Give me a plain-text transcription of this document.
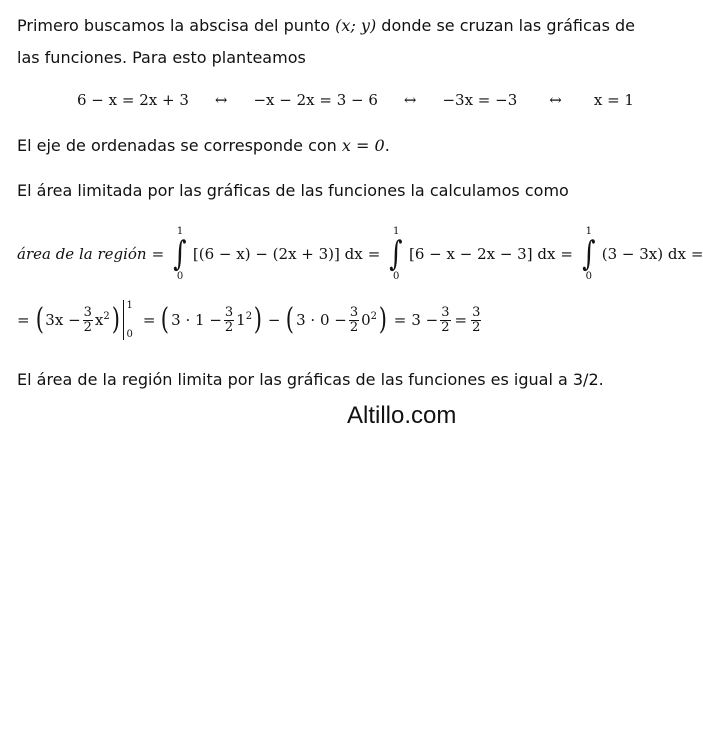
Primero buscamos la abscisa del punto (x; y) donde se cruzan las gráficas de
las funciones. Para esto planteamos
6 − x = 2x + 3 ↔ −x − 2x = 3 − 6 ↔ −3x = −3 ↔ x = 1
El eje de ordenadas se corresponde con x = 0.
El área limitada por las gráficas de las funciones la calculamos como
área de la región =
1
∫
0
[(6 − x) − (2x + 3)] dx =
1
∫
0
[6 − x − 2x − 3] dx =
1
∫
0
(3 − 3x) dx =
= ( $3x - \frac{3}{2} x^2$ ) 1
0
= ( $3 \cdot 1 - \frac{3}{2} 1^2$ ) − ( $3 \cdot 0 - \frac{3}{2} 0^2$ ) = $3 - \frac{3}{2} = \frac{3}{2}$
El área de la región limita por las gráficas de las funciones es igual a 3/2.
Altillo.com
